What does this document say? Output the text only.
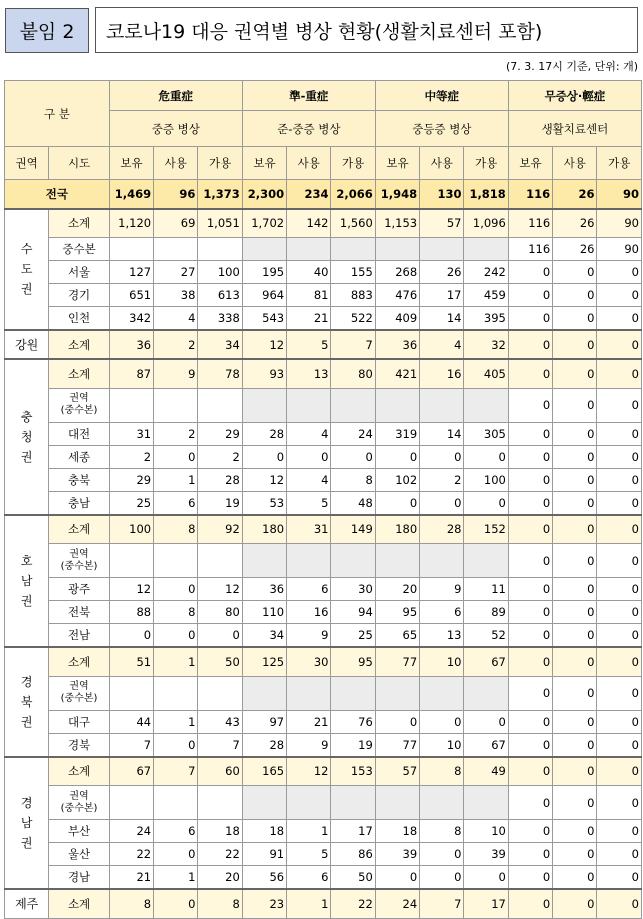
붙임 2	코로나19 대응 권역별 병상 현황(생활치료센터 포함)
(7. 3. 17시 기준, 단위: 개)
구 분		危重症			準-重症			中等症			무증상·輕症		
		중증 병상			준-중증 병상			중등증 병상			생활치료센터		
권역	시도	보유	사용	가용	보유	사용	가용	보유	사용	가용	보유	사용	가용
전국		1,469	96	1,373	2,300	234	2,066	1,948	130	1,818	116	26	90

수
도
권	소계	1,120	69	1,051	1,702	142	1,560	1,153	57	1,096	116	26	90
	중수본										116	26	90
	서울	127	27	100	195	40	155	268	26	242	0	0	0
	경기	651	38	613	964	81	883	476	17	459	0	0	0
	인천	342	4	338	543	21	522	409	14	395	0	0	0
강원	소계	36	2	34	12	5	7	36	4	32	0	0	0

충
청
권	소계	87	9	78	93	13	80	421	16	405	0	0	0
	권역
(중수본)										0	0	0
	대전	31	2	29	28	4	24	319	14	305	0	0	0
	세종	2	0	2	0	0	0	0	0	0	0	0	0
	충북	29	1	28	12	4	8	102	2	100	0	0	0
	충남	25	6	19	53	5	48	0	0	0	0	0	0

호
남
권	소계	100	8	92	180	31	149	180	28	152	0	0	0
	권역
(중수본)										0	0	0
	광주	12	0	12	36	6	30	20	9	11	0	0	0
	전북	88	8	80	110	16	94	95	6	89	0	0	0
	전남	0	0	0	34	9	25	65	13	52	0	0	0

경
북
권	소계	51	1	50	125	30	95	77	10	67	0	0	0
	권역
(중수본)										0	0	0
	대구	44	1	43	97	21	76	0	0	0	0	0	0
	경북	7	0	7	28	9	19	77	10	67	0	0	0

경
남
권	소계	67	7	60	165	12	153	57	8	49	0	0	0
	권역
(중수본)										0	0	0
	부산	24	6	18	18	1	17	18	8	10	0	0	0
	울산	22	0	22	91	5	86	39	0	39	0	0	0
	경남	21	1	20	56	6	50	0	0	0	0	0	0
제주	소계	8	0	8	23	1	22	24	7	17	0	0	0
